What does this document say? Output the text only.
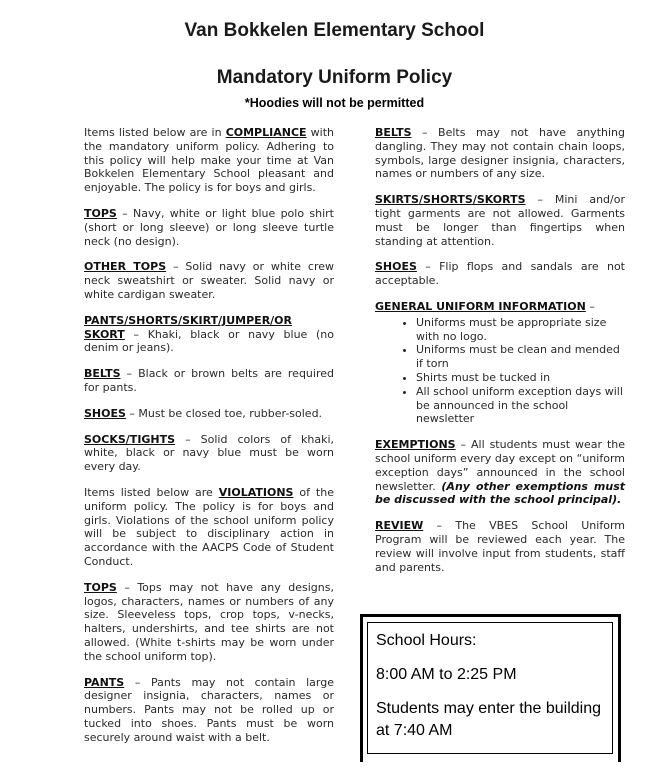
Van Bokkelen Elementary School
Mandatory Uniform Policy
*Hoodies will not be permitted

Items listed below are in COMPLIANCE with the mandatory uniform policy. Adhering to this policy will help make your time at Van Bokkelen Elementary School pleasant and enjoyable. The policy is for boys and girls.

TOPS – Navy, white or light blue polo shirt (short or long sleeve) or long sleeve turtle neck (no design).

OTHER TOPS – Solid navy or white crew neck sweatshirt or sweater. Solid navy or white cardigan sweater.

PANTS/SHORTS/SKIRT/JUMPER/OR SKORT – Khaki, black or navy blue (no denim or jeans).

BELTS – Black or brown belts are required for pants.

SHOES – Must be closed toe, rubber-soled.

SOCKS/TIGHTS – Solid colors of khaki, white, black or navy blue must be worn every day.

Items listed below are VIOLATIONS of the uniform policy. The policy is for boys and girls. Violations of the school uniform policy will be subject to disciplinary action in accordance with the AACPS Code of Student Conduct.

TOPS – Tops may not have any designs, logos, characters, names or numbers of any size. Sleeveless tops, crop tops, v-necks, halters, undershirts, and tee shirts are not allowed. (White t-shirts may be worn under the school uniform top).

PANTS – Pants may not contain large designer insignia, characters, names or numbers. Pants may not be rolled up or tucked into shoes. Pants must be worn securely around waist with a belt.

BELTS – Belts may not have anything dangling. They may not contain chain loops, symbols, large designer insignia, characters, names or numbers of any size.

SKIRTS/SHORTS/SKORTS – Mini and/or tight garments are not allowed. Garments must be longer than fingertips when standing at attention.

SHOES – Flip flops and sandals are not acceptable.

GENERAL UNIFORM INFORMATION –

• Uniforms must be appropriate size with no logo.
• Uniforms must be clean and mended if torn
• Shirts must be tucked in
• All school uniform exception days will be announced in the school newsletter

EXEMPTIONS – All students must wear the school uniform every day except on “uniform exception days” announced in the school newsletter. (Any other exemptions must be discussed with the school principal).

REVIEW – The VBES School Uniform Program will be reviewed each year. The review will involve input from students, staff and parents.

School Hours:
8:00 AM to 2:25 PM
Students may enter the building at 7:40 AM
